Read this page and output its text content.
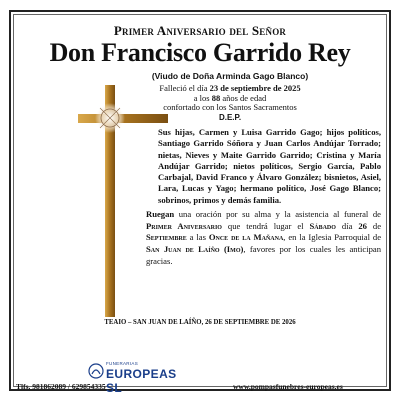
Primer Aniversario del Señor
Don Francisco Garrido Rey
(Viudo de Doña Arminda Gago Blanco)
Falleció el día 23 de septiembre de 2025
a los 88 años de edad
confortado con los Santos Sacramentos
D.E.P.
Sus hijas, Carmen y Luisa Garrido Gago; hijos políticos, Santiago Garrido Sóñora y Juan Carlos Andújar Torrado; nietas, Nieves y Maite Garrido Garrido; Cristina y María Andújar Garrido; nietos políticos, Sergio García, Pablo Carbajal, David Franco y Álvaro González; bisnietos, Asiel, Lara, Lucas y Yago; hermano político, José Gago Blanco; sobrinos, primos y demás familia.
Ruegan una oración por su alma y la asistencia al funeral de Primer Aniversario que tendrá lugar el Sábado día 26 de Septiembre a las Once de la Mañana, en la Iglesia Parroquial de San Juan de Laíño (Imo), favores por los cuales les anticipan gracias.
TEAIO – SAN JUAN DE LAÍÑO, 26 DE SEPTIEMBRE DE 2026
FUNERARIAS
EUROPEAS SL
Tlfs. 981862089 / 629854335	www.pompasfunebres-europeas.es
